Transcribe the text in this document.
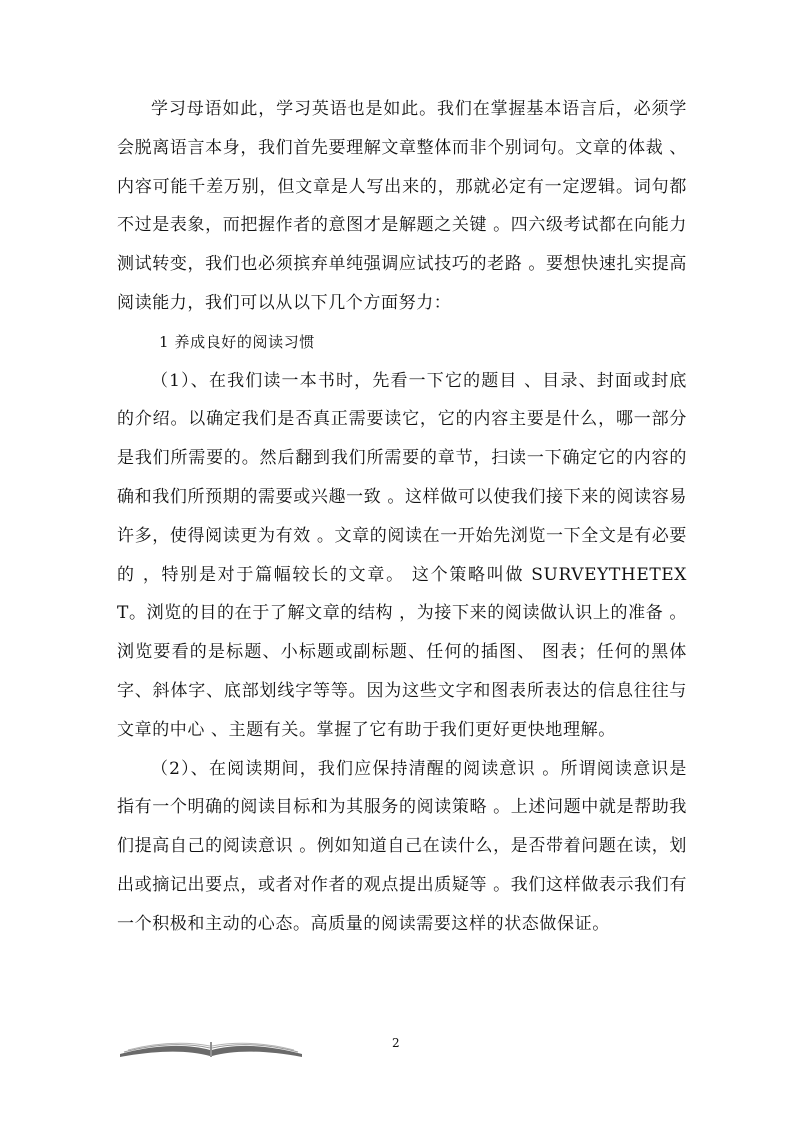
学习母语如此，学习英语也是如此。我们在掌握基本语言后，必须学会脱离语言本身，我们首先要理解文章整体而非个别词句。文章的体裁 、内容可能千差万别，但文章是人写出来的，那就必定有一定逻辑。词句都不过是表象，而把握作者的意图才是解题之关键 。四六级考试都在向能力测试转变，我们也必须摈弃单纯强调应试技巧的老路 。要想快速扎实提高阅读能力，我们可以从以下几个方面努力：

1 养成良好的阅读习惯

（1）、在我们读一本书时，先看一下它的题目 、目录、封面或封底的介绍。以确定我们是否真正需要读它，它的内容主要是什么，哪一部分是我们所需要的。然后翻到我们所需要的章节，扫读一下确定它的内容的确和我们所预期的需要或兴趣一致 。这样做可以使我们接下来的阅读容易许多，使得阅读更为有效 。文章的阅读在一开始先浏览一下全文是有必要的 ，特别是对于篇幅较长的文章。 这个策略叫做 SURVEYTHETEXT。浏览的目的在于了解文章的结构 ，为接下来的阅读做认识上的准备 。浏览要看的是标题、小标题或副标题、任何的插图、 图表；任何的黑体字、斜体字、底部划线字等等。因为这些文字和图表所表达的信息往往与文章的中心 、主题有关。掌握了它有助于我们更好更快地理解。

（2）、在阅读期间，我们应保持清醒的阅读意识 。所谓阅读意识是指有一个明确的阅读目标和为其服务的阅读策略 。上述问题中就是帮助我们提高自己的阅读意识 。例如知道自己在读什么，是否带着问题在读，划出或摘记出要点，或者对作者的观点提出质疑等 。我们这样做表示我们有一个积极和主动的心态。高质量的阅读需要这样的状态做保证。

2
